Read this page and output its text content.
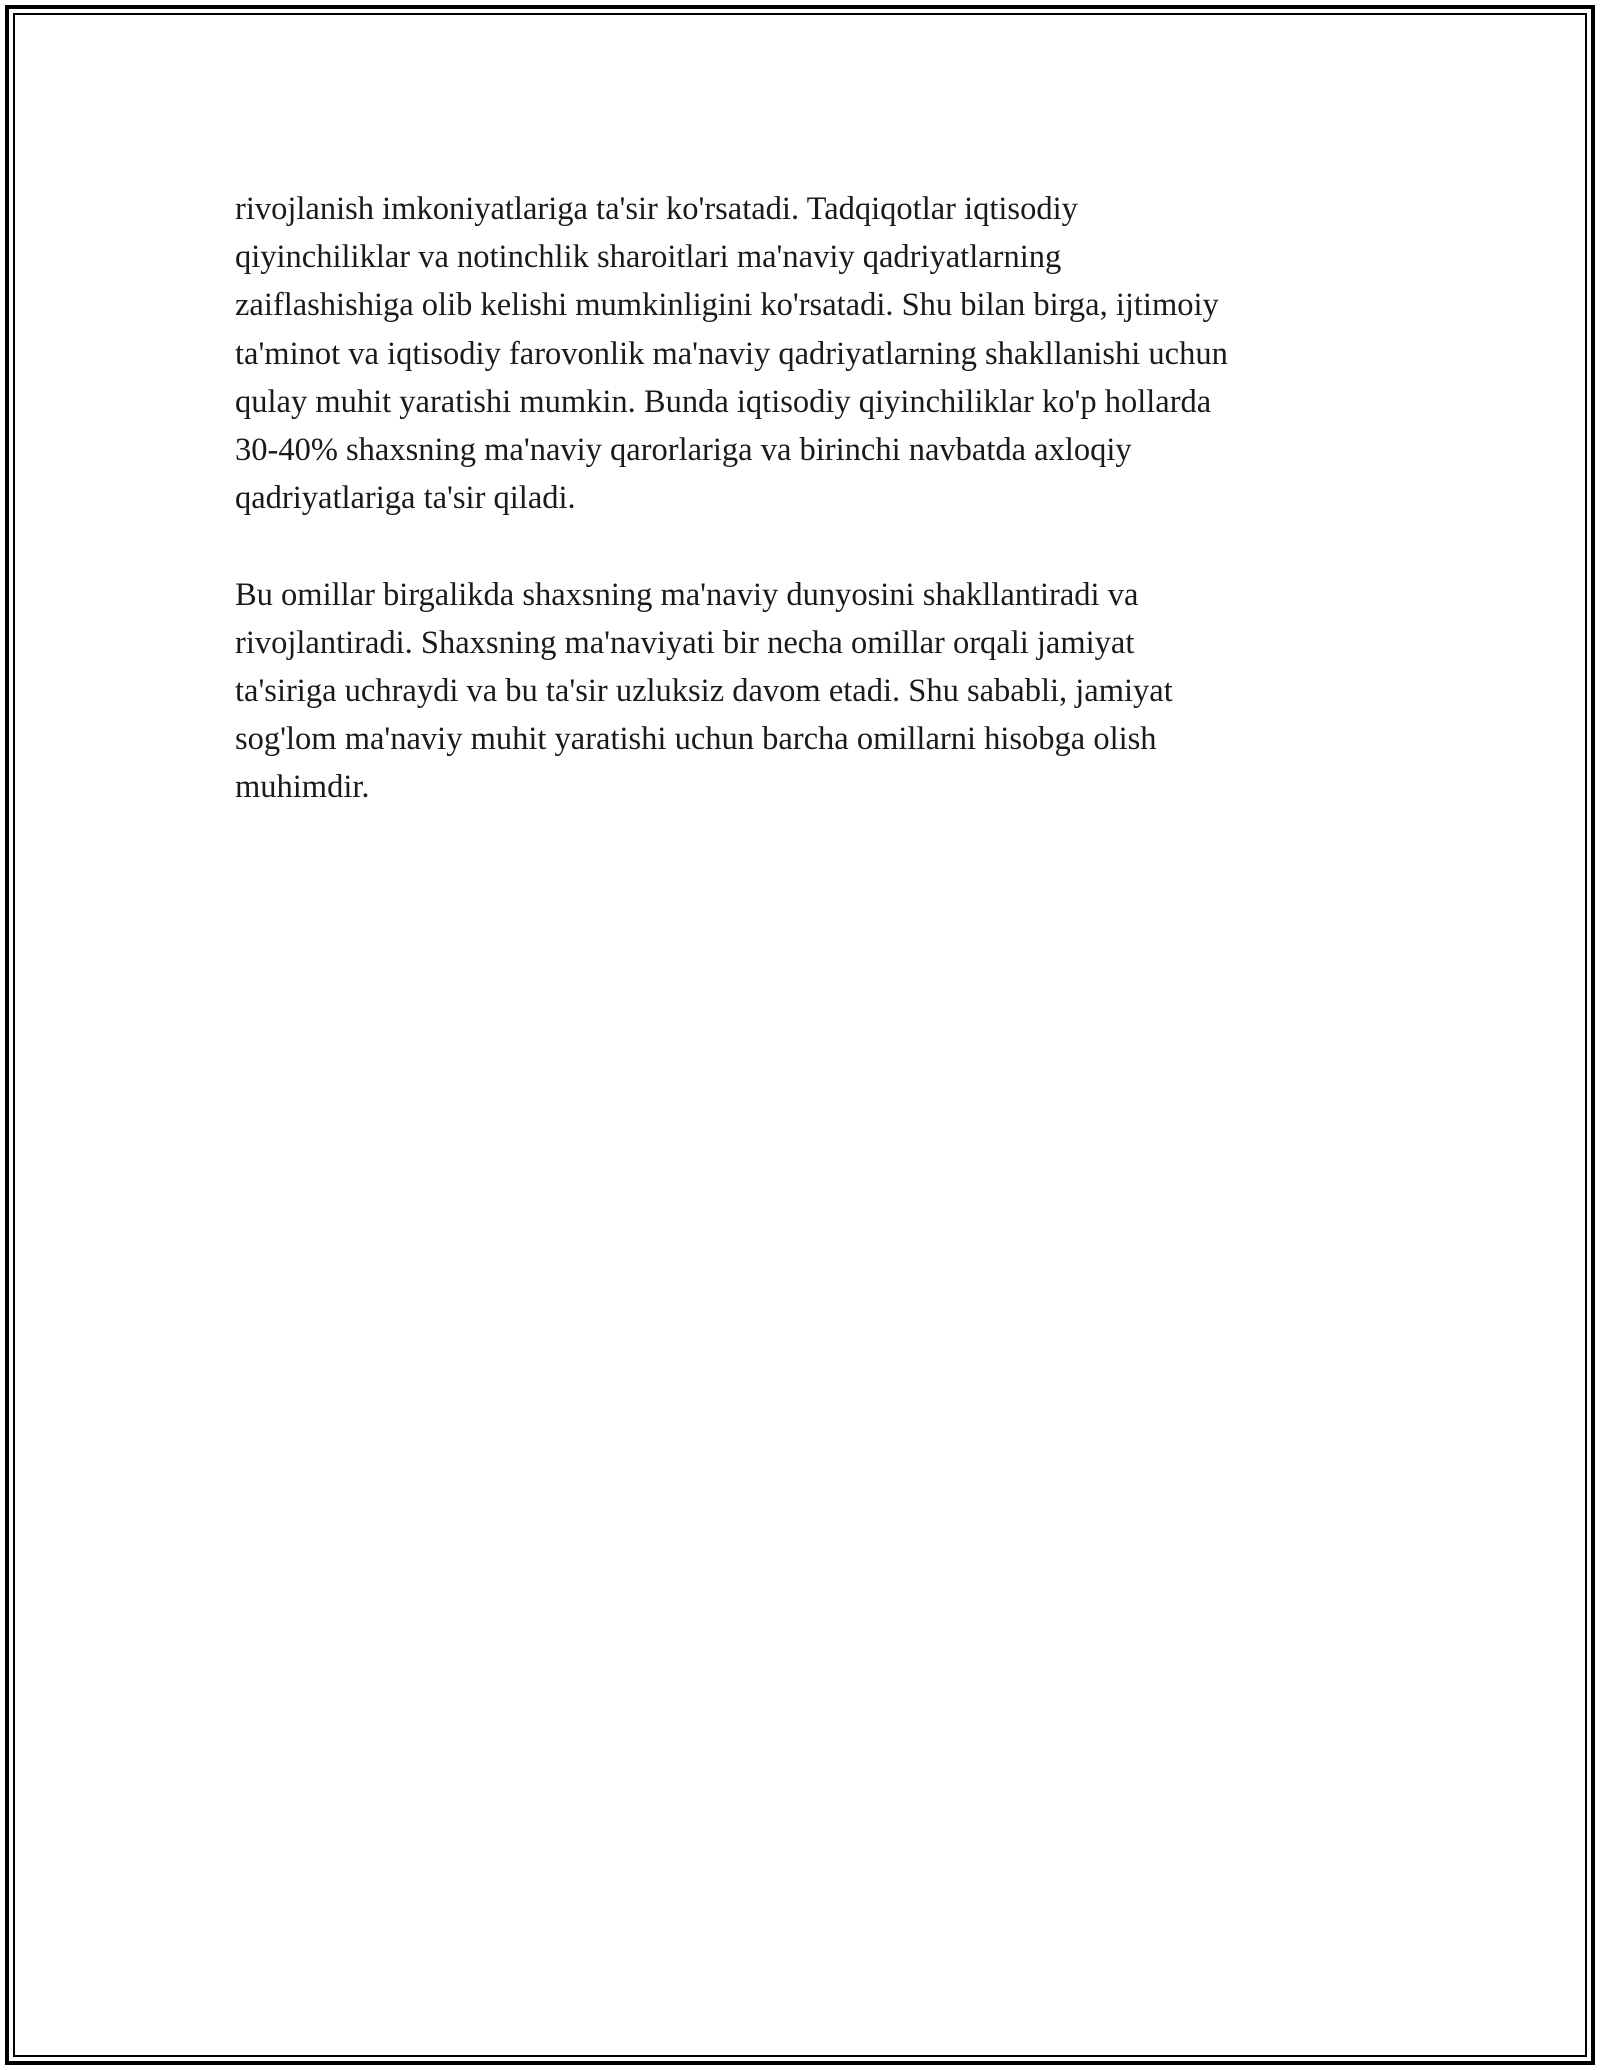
rivojlanish imkoniyatlariga ta'sir ko'rsatadi. Tadqiqotlar iqtisodiy
qiyinchiliklar va notinchlik sharoitlari ma'naviy qadriyatlarning
zaiflashishiga olib kelishi mumkinligini ko'rsatadi. Shu bilan birga, ijtimoiy
ta'minot va iqtisodiy farovonlik ma'naviy qadriyatlarning shakllanishi uchun
qulay muhit yaratishi mumkin. Bunda iqtisodiy qiyinchiliklar ko'p hollarda
30-40% shaxsning ma'naviy qarorlariga va birinchi navbatda axloqiy
qadriyatlariga ta'sir qiladi.

Bu omillar birgalikda shaxsning ma'naviy dunyosini shakllantiradi va
rivojlantiradi. Shaxsning ma'naviyati bir necha omillar orqali jamiyat
ta'siriga uchraydi va bu ta'sir uzluksiz davom etadi. Shu sababli, jamiyat
sog'lom ma'naviy muhit yaratishi uchun barcha omillarni hisobga olish
muhimdir.
